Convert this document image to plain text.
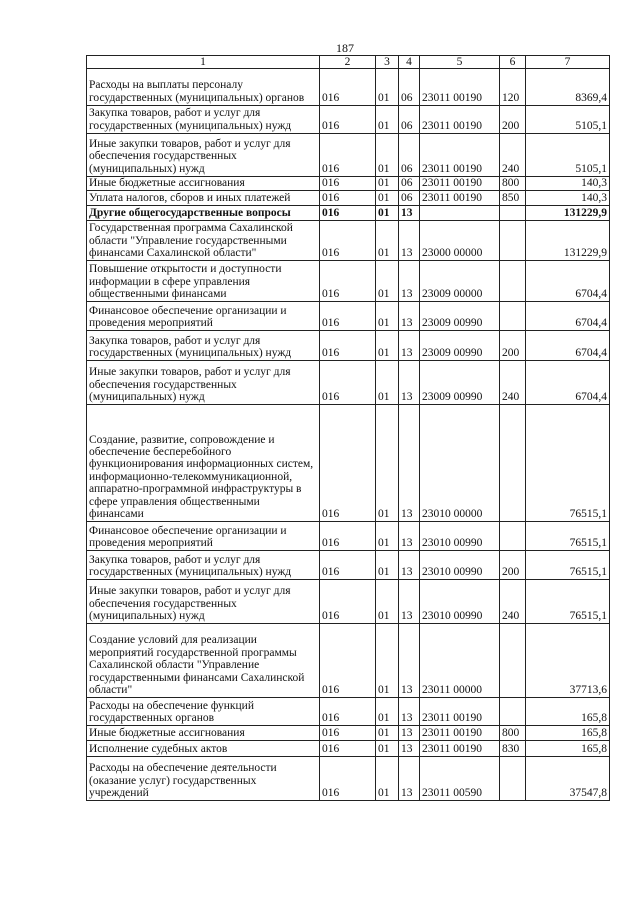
187
1	2	3	4	5	6	7
Расходы на выплаты персоналу государственных (муниципальных) органов	016	01	06	23011 00190	120	8369,4
Закупка товаров, работ и услуг для государственных (муниципальных) нужд	016	01	06	23011 00190	200	5105,1
Иные закупки товаров, работ и услуг для обеспечения государственных (муниципальных) нужд	016	01	06	23011 00190	240	5105,1
Иные бюджетные ассигнования	016	01	06	23011 00190	800	140,3
Уплата налогов, сборов и иных платежей	016	01	06	23011 00190	850	140,3
Другие общегосударственные вопросы	016	01	13			131229,9
Государственная программа Сахалинской области "Управление государственными финансами Сахалинской области"	016	01	13	23000 00000		131229,9
Повышение открытости и доступности информации в сфере управления общественными финансами	016	01	13	23009 00000		6704,4
Финансовое обеспечение организации и проведения мероприятий	016	01	13	23009 00990		6704,4
Закупка товаров, работ и услуг для государственных (муниципальных) нужд	016	01	13	23009 00990	200	6704,4
Иные закупки товаров, работ и услуг для обеспечения государственных (муниципальных) нужд	016	01	13	23009 00990	240	6704,4
Создание, развитие, сопровождение и обеспечение бесперебойного функционирования информационных систем, информационно-телекоммуникационной, аппаратно-программной инфраструктуры в сфере управления общественными финансами	016	01	13	23010 00000		76515,1
Финансовое обеспечение организации и проведения мероприятий	016	01	13	23010 00990		76515,1
Закупка товаров, работ и услуг для государственных (муниципальных) нужд	016	01	13	23010 00990	200	76515,1
Иные закупки товаров, работ и услуг для обеспечения государственных (муниципальных) нужд	016	01	13	23010 00990	240	76515,1
Создание условий для реализации мероприятий государственной программы Сахалинской области "Управление государственными финансами Сахалинской области"	016	01	13	23011 00000		37713,6
Расходы на обеспечение функций государственных органов	016	01	13	23011 00190		165,8
Иные бюджетные ассигнования	016	01	13	23011 00190	800	165,8
Исполнение судебных актов	016	01	13	23011 00190	830	165,8
Расходы на обеспечение деятельности (оказание услуг) государственных учреждений	016	01	13	23011 00590		37547,8
